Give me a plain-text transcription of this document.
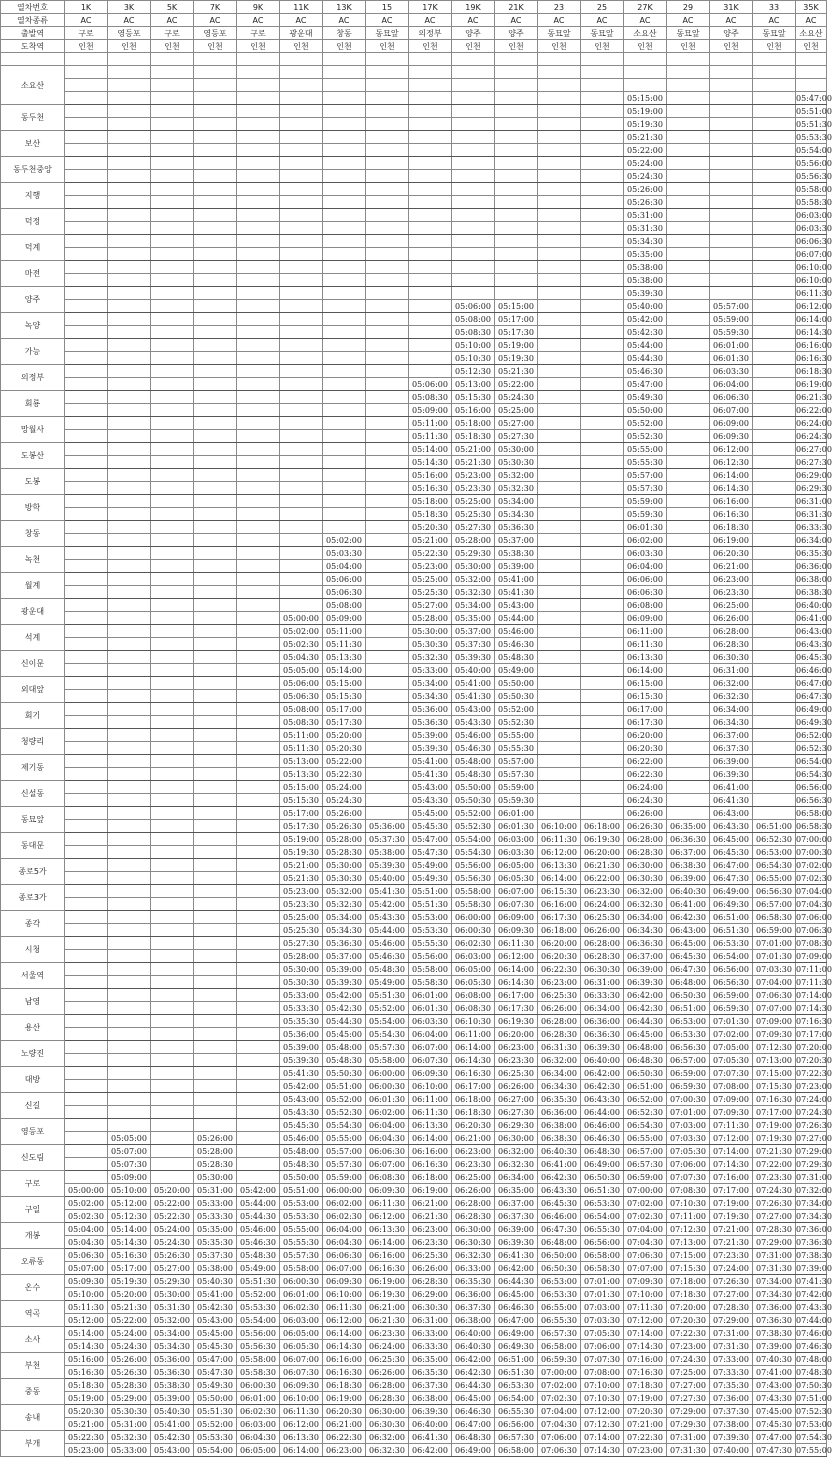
열차번호	1K	3K	5K	7K	9K	11K	13K	15	17K	19K	21K	23	25	27K	29	31K	33	35K
열차종류	AC	AC	AC	AC	AC	AC	AC	AC	AC	AC	AC	AC	AC	AC	AC	AC	AC	AC
출발역	구로	영등포	구로	영등포	구로	광운대	창동	동묘앞	의정부	양주	양주	동묘앞	동묘앞	소요산	동묘앞	양주	동묘앞	소요산
도착역	인천	인천	인천	인천	인천	인천	인천	인천	인천	인천	인천	인천	인천	인천	인천	인천	인천	인천

소요산																		

														05:15:00				05:47:00
동두천														05:19:00				05:51:00
														05:19:30				05:51:30
보산														05:21:30				05:53:30
														05:22:00				05:54:00
동두천중앙														05:24:00				05:56:00
														05:24:30				05:56:30
지행														05:26:00				05:58:00
														05:26:30				05:58:30
덕정														05:31:00				06:03:00
														05:31:30				06:03:30
덕계														05:34:30				06:06:30
														05:35:00				06:07:00
마전														05:38:00				06:10:00
														05:38:00				06:10:00
양주														05:39:30				06:11:30
										05:06:00	05:15:00			05:40:00		05:57:00		06:12:00
녹양										05:08:00	05:17:00			05:42:00		05:59:00		06:14:00
										05:08:30	05:17:30			05:42:30		05:59:30		06:14:30
가능										05:10:00	05:19:00			05:44:00		06:01:00		06:16:00
										05:10:30	05:19:30			05:44:30		06:01:30		06:16:30
의정부										05:12:30	05:21:30			05:46:30		06:03:30		06:18:30
									05:06:00	05:13:00	05:22:00			05:47:00		06:04:00		06:19:00
회룡									05:08:30	05:15:30	05:24:30			05:49:30		06:06:30		06:21:30
									05:09:00	05:16:00	05:25:00			05:50:00		06:07:00		06:22:00
망월사									05:11:00	05:18:00	05:27:00			05:52:00		06:09:00		06:24:00
									05:11:30	05:18:30	05:27:30			05:52:30		06:09:30		06:24:30
도봉산									05:14:00	05:21:00	05:30:00			05:55:00		06:12:00		06:27:00
									05:14:30	05:21:30	05:30:30			05:55:30		06:12:30		06:27:30
도봉									05:16:00	05:23:00	05:32:00			05:57:00		06:14:00		06:29:00
									05:16:30	05:23:30	05:32:30			05:57:30		06:14:30		06:29:30
방학									05:18:00	05:25:00	05:34:00			05:59:00		06:16:00		06:31:00
									05:18:30	05:25:30	05:34:30			05:59:30		06:16:30		06:31:30
창동									05:20:30	05:27:30	05:36:30			06:01:30		06:18:30		06:33:30
							05:02:00		05:21:00	05:28:00	05:37:00			06:02:00		06:19:00		06:34:00
녹천							05:03:30		05:22:30	05:29:30	05:38:30			06:03:30		06:20:30		06:35:30
							05:04:00		05:23:00	05:30:00	05:39:00			06:04:00		06:21:00		06:36:00
월계							05:06:00		05:25:00	05:32:00	05:41:00			06:06:00		06:23:00		06:38:00
							05:06:30		05:25:30	05:32:30	05:41:30			06:06:30		06:23:30		06:38:30
광운대							05:08:00		05:27:00	05:34:00	05:43:00			06:08:00		06:25:00		06:40:00
						05:00:00	05:09:00		05:28:00	05:35:00	05:44:00			06:09:00		06:26:00		06:41:00
석계						05:02:00	05:11:00		05:30:00	05:37:00	05:46:00			06:11:00		06:28:00		06:43:00
						05:02:30	05:11:30		05:30:30	05:37:30	05:46:30			06:11:30		06:28:30		06:43:30
신이문						05:04:30	05:13:30		05:32:30	05:39:30	05:48:30			06:13:30		06:30:30		06:45:30
						05:05:00	05:14:00		05:33:00	05:40:00	05:49:00			06:14:00		06:31:00		06:46:00
외대앞						05:06:00	05:15:00		05:34:00	05:41:00	05:50:00			06:15:00		06:32:00		06:47:00
						05:06:30	05:15:30		05:34:30	05:41:30	05:50:30			06:15:30		06:32:30		06:47:30
회기						05:08:00	05:17:00		05:36:00	05:43:00	05:52:00			06:17:00		06:34:00		06:49:00
						05:08:30	05:17:30		05:36:30	05:43:30	05:52:30			06:17:30		06:34:30		06:49:30
청량리						05:11:00	05:20:00		05:39:00	05:46:00	05:55:00			06:20:00		06:37:00		06:52:00
						05:11:30	05:20:30		05:39:30	05:46:30	05:55:30			06:20:30		06:37:30		06:52:30
제기동						05:13:00	05:22:00		05:41:00	05:48:00	05:57:00			06:22:00		06:39:00		06:54:00
						05:13:30	05:22:30		05:41:30	05:48:30	05:57:30			06:22:30		06:39:30		06:54:30
신설동						05:15:00	05:24:00		05:43:00	05:50:00	05:59:00			06:24:00		06:41:00		06:56:00
						05:15:30	05:24:30		05:43:30	05:50:30	05:59:30			06:24:30		06:41:30		06:56:30
동묘앞						05:17:00	05:26:00		05:45:00	05:52:00	06:01:00			06:26:00		06:43:00		06:58:00
						05:17:30	05:26:30	05:36:00	05:45:30	05:52:30	06:01:30	06:10:00	06:18:00	06:26:30	06:35:00	06:43:30	06:51:00	06:58:30
동대문						05:19:00	05:28:00	05:37:30	05:47:00	05:54:00	06:03:00	06:11:30	06:19:30	06:28:00	06:36:30	06:45:00	06:52:30	07:00:00
						05:19:30	05:28:30	05:38:00	05:47:30	05:54:30	06:03:30	06:12:00	06:20:00	06:28:30	06:37:00	06:45:30	06:53:00	07:00:30
종로5가						05:21:00	05:30:00	05:39:30	05:49:00	05:56:00	06:05:00	06:13:30	06:21:30	06:30:00	06:38:30	06:47:00	06:54:30	07:02:00
						05:21:30	05:30:30	05:40:00	05:49:30	05:56:30	06:05:30	06:14:00	06:22:00	06:30:30	06:39:00	06:47:30	06:55:00	07:02:30
종로3가						05:23:00	05:32:00	05:41:30	05:51:00	05:58:00	06:07:00	06:15:30	06:23:30	06:32:00	06:40:30	06:49:00	06:56:30	07:04:00
						05:23:30	05:32:30	05:42:00	05:51:30	05:58:30	06:07:30	06:16:00	06:24:00	06:32:30	06:41:00	06:49:30	06:57:00	07:04:30
종각						05:25:00	05:34:00	05:43:30	05:53:00	06:00:00	06:09:00	06:17:30	06:25:30	06:34:00	06:42:30	06:51:00	06:58:30	07:06:00
						05:25:30	05:34:30	05:44:00	05:53:30	06:00:30	06:09:30	06:18:00	06:26:00	06:34:30	06:43:00	06:51:30	06:59:00	07:06:30
시청						05:27:30	05:36:30	05:46:00	05:55:30	06:02:30	06:11:30	06:20:00	06:28:00	06:36:30	06:45:00	06:53:30	07:01:00	07:08:30
						05:28:00	05:37:00	05:46:30	05:56:00	06:03:00	06:12:00	06:20:30	06:28:30	06:37:00	06:45:30	06:54:00	07:01:30	07:09:00
서울역						05:30:00	05:39:00	05:48:30	05:58:00	06:05:00	06:14:00	06:22:30	06:30:30	06:39:00	06:47:30	06:56:00	07:03:30	07:11:00
						05:30:30	05:39:30	05:49:00	05:58:30	06:05:30	06:14:30	06:23:00	06:31:00	06:39:30	06:48:00	06:56:30	07:04:00	07:11:30
남영						05:33:00	05:42:00	05:51:30	06:01:00	06:08:00	06:17:00	06:25:30	06:33:30	06:42:00	06:50:30	06:59:00	07:06:30	07:14:00
						05:33:30	05:42:30	05:52:00	06:01:30	06:08:30	06:17:30	06:26:00	06:34:00	06:42:30	06:51:00	06:59:30	07:07:00	07:14:30
용산						05:35:30	05:44:30	05:54:00	06:03:30	06:10:30	06:19:30	06:28:00	06:36:00	06:44:30	06:53:00	07:01:30	07:09:00	07:16:30
						05:36:00	05:45:00	05:54:30	06:04:00	06:11:00	06:20:00	06:28:30	06:36:30	06:45:00	06:53:30	07:02:00	07:09:30	07:17:00
노량진						05:39:00	05:48:00	05:57:30	06:07:00	06:14:00	06:23:00	06:31:30	06:39:30	06:48:00	06:56:30	07:05:00	07:12:30	07:20:00
						05:39:30	05:48:30	05:58:00	06:07:30	06:14:30	06:23:30	06:32:00	06:40:00	06:48:30	06:57:00	07:05:30	07:13:00	07:20:30
대방						05:41:30	05:50:30	06:00:00	06:09:30	06:16:30	06:25:30	06:34:00	06:42:00	06:50:30	06:59:00	07:07:30	07:15:00	07:22:30
						05:42:00	05:51:00	06:00:30	06:10:00	06:17:00	06:26:00	06:34:30	06:42:30	06:51:00	06:59:30	07:08:00	07:15:30	07:23:00
신길						05:43:00	05:52:00	06:01:30	06:11:00	06:18:00	06:27:00	06:35:30	06:43:30	06:52:00	07:00:30	07:09:00	07:16:30	07:24:00
						05:43:30	05:52:30	06:02:00	06:11:30	06:18:30	06:27:30	06:36:00	06:44:00	06:52:30	07:01:00	07:09:30	07:17:00	07:24:30
영등포						05:45:30	05:54:30	06:04:00	06:13:30	06:20:30	06:29:30	06:38:00	06:46:00	06:54:30	07:03:00	07:11:30	07:19:00	07:26:30
		05:05:00		05:26:00		05:46:00	05:55:00	06:04:30	06:14:00	06:21:00	06:30:00	06:38:30	06:46:30	06:55:00	07:03:30	07:12:00	07:19:30	07:27:00
신도림		05:07:00		05:28:00		05:48:00	05:57:00	06:06:30	06:16:00	06:23:00	06:32:00	06:40:30	06:48:30	06:57:00	07:05:30	07:14:00	07:21:30	07:29:00
		05:07:30		05:28:30		05:48:30	05:57:30	06:07:00	06:16:30	06:23:30	06:32:30	06:41:00	06:49:00	06:57:30	07:06:00	07:14:30	07:22:00	07:29:30
구로		05:09:00		05:30:00		05:50:00	05:59:00	06:08:30	06:18:00	06:25:00	06:34:00	06:42:30	06:50:30	06:59:00	07:07:30	07:16:00	07:23:30	07:31:00
	05:00:00	05:10:00	05:20:00	05:31:00	05:42:00	05:51:00	06:00:00	06:09:30	06:19:00	06:26:00	06:35:00	06:43:30	06:51:30	07:00:00	07:08:30	07:17:00	07:24:30	07:32:00
구일	05:02:00	05:12:00	05:22:00	05:33:00	05:44:00	05:53:00	06:02:00	06:11:30	06:21:00	06:28:00	06:37:00	06:45:30	06:53:30	07:02:00	07:10:30	07:19:00	07:26:30	07:34:00
	05:02:30	05:12:30	05:22:30	05:33:30	05:44:30	05:53:30	06:02:30	06:12:00	06:21:30	06:28:30	06:37:30	06:46:00	06:54:00	07:02:30	07:11:00	07:19:30	07:27:00	07:34:30
개봉	05:04:00	05:14:00	05:24:00	05:35:00	05:46:00	05:55:00	06:04:00	06:13:30	06:23:00	06:30:00	06:39:00	06:47:30	06:55:30	07:04:00	07:12:30	07:21:00	07:28:30	07:36:00
	05:04:30	05:14:30	05:24:30	05:35:30	05:46:30	05:55:30	06:04:30	06:14:00	06:23:30	06:30:30	06:39:30	06:48:00	06:56:00	07:04:30	07:13:00	07:21:30	07:29:00	07:36:30
오류동	05:06:30	05:16:30	05:26:30	05:37:30	05:48:30	05:57:30	06:06:30	06:16:00	06:25:30	06:32:30	06:41:30	06:50:00	06:58:00	07:06:30	07:15:00	07:23:30	07:31:00	07:38:30
	05:07:00	05:17:00	05:27:00	05:38:00	05:49:00	05:58:00	06:07:00	06:16:30	06:26:00	06:33:00	06:42:00	06:50:30	06:58:30	07:07:00	07:15:30	07:24:00	07:31:30	07:39:00
온수	05:09:30	05:19:30	05:29:30	05:40:30	05:51:30	06:00:30	06:09:30	06:19:00	06:28:30	06:35:30	06:44:30	06:53:00	07:01:00	07:09:30	07:18:00	07:26:30	07:34:00	07:41:30
	05:10:00	05:20:00	05:30:00	05:41:00	05:52:00	06:01:00	06:10:00	06:19:30	06:29:00	06:36:00	06:45:00	06:53:30	07:01:30	07:10:00	07:18:30	07:27:00	07:34:30	07:42:00
역곡	05:11:30	05:21:30	05:31:30	05:42:30	05:53:30	06:02:30	06:11:30	06:21:00	06:30:30	06:37:30	06:46:30	06:55:00	07:03:00	07:11:30	07:20:00	07:28:30	07:36:00	07:43:30
	05:12:00	05:22:00	05:32:00	05:43:00	05:54:00	06:03:00	06:12:00	06:21:30	06:31:00	06:38:00	06:47:00	06:55:30	07:03:30	07:12:00	07:20:30	07:29:00	07:36:30	07:44:00
소사	05:14:00	05:24:00	05:34:00	05:45:00	05:56:00	06:05:00	06:14:00	06:23:30	06:33:00	06:40:00	06:49:00	06:57:30	07:05:30	07:14:00	07:22:30	07:31:00	07:38:30	07:46:00
	05:14:30	05:24:30	05:34:30	05:45:30	05:56:30	06:05:30	06:14:30	06:24:00	06:33:30	06:40:30	06:49:30	06:58:00	07:06:00	07:14:30	07:23:00	07:31:30	07:39:00	07:46:30
부천	05:16:00	05:26:00	05:36:00	05:47:00	05:58:00	06:07:00	06:16:00	06:25:30	06:35:00	06:42:00	06:51:00	06:59:30	07:07:30	07:16:00	07:24:30	07:33:00	07:40:30	07:48:00
	05:16:30	05:26:30	05:36:30	05:47:30	05:58:30	06:07:30	06:16:30	06:26:00	06:35:30	06:42:30	06:51:30	07:00:00	07:08:00	07:16:30	07:25:00	07:33:30	07:41:00	07:48:30
중동	05:18:30	05:28:30	05:38:30	05:49:30	06:00:30	06:09:30	06:18:30	06:28:00	06:37:30	06:44:30	06:53:30	07:02:00	07:10:00	07:18:30	07:27:00	07:35:30	07:43:00	07:50:30
	05:19:00	05:29:00	05:39:00	05:50:00	06:01:00	06:10:00	06:19:00	06:28:30	06:38:00	06:45:00	06:54:00	07:02:30	07:10:30	07:19:00	07:27:30	07:36:00	07:43:30	07:51:00
송내	05:20:30	05:30:30	05:40:30	05:51:30	06:02:30	06:11:30	06:20:30	06:30:00	06:39:30	06:46:30	06:55:30	07:04:00	07:12:00	07:20:30	07:29:00	07:37:30	07:45:00	07:52:30
	05:21:00	05:31:00	05:41:00	05:52:00	06:03:00	06:12:00	06:21:00	06:30:30	06:40:00	06:47:00	06:56:00	07:04:30	07:12:30	07:21:00	07:29:30	07:38:00	07:45:30	07:53:00
부개	05:22:30	05:32:30	05:42:30	05:53:30	06:04:30	06:13:30	06:22:30	06:32:00	06:41:30	06:48:30	06:57:30	07:06:00	07:14:00	07:22:30	07:31:00	07:39:30	07:47:00	07:54:30
	05:23:00	05:33:00	05:43:00	05:54:00	06:05:00	06:14:00	06:23:00	06:32:30	06:42:00	06:49:00	06:58:00	07:06:30	07:14:30	07:23:00	07:31:30	07:40:00	07:47:30	07:55:00
